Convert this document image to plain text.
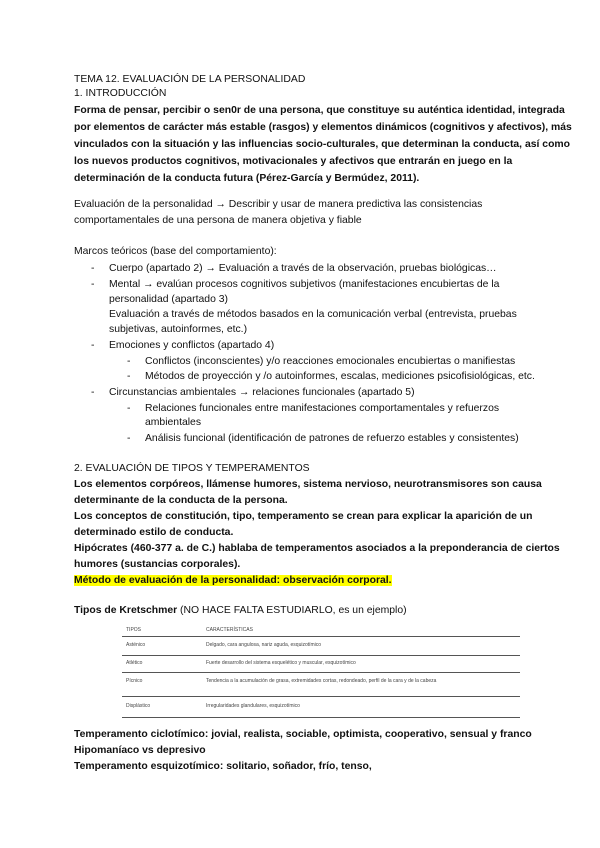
TEMA 12. EVALUACIÓN DE LA PERSONALIDAD
1. INTRODUCCIÓN
Forma de pensar, percibir o sen0r de una persona, que constituye su auténtica identidad, integrada
por elementos de carácter más estable (rasgos) y elementos dinámicos (cognitivos y afectivos), más
vinculados con la situación y las influencias socio-culturales, que determinan la conducta, así como
los nuevos productos cognitivos, motivacionales y afectivos que entrarán en juego en la
determinación de la conducta futura (Pérez-García y Bermúdez, 2011).
Evaluación de la personalidad → Describir y usar de manera predictiva las consistencias
comportamentales de una persona de manera objetiva y fiable
Marcos teóricos (base del comportamiento):
- Cuerpo (apartado 2) → Evaluación a través de la observación, pruebas biológicas…
- Mental → evalúan procesos cognitivos subjetivos (manifestaciones encubiertas de la
personalidad (apartado 3)
Evaluación a través de métodos basados en la comunicación verbal (entrevista, pruebas
subjetivas, autoinformes, etc.)
- Emociones y conflictos (apartado 4)
- Conflictos (inconscientes) y/o reacciones emocionales encubiertas o manifiestas
- Métodos de proyección y /o autoinformes, escalas, mediciones psicofisiológicas, etc.
- Circunstancias ambientales → relaciones funcionales (apartado 5)
- Relaciones funcionales entre manifestaciones comportamentales y refuerzos
ambientales
- Análisis funcional (identificación de patrones de refuerzo estables y consistentes)
2. EVALUACIÓN DE TIPOS Y TEMPERAMENTOS
Los elementos corpóreos, llámense humores, sistema nervioso, neurotransmisores son causa
determinante de la conducta de la persona.
Los conceptos de constitución, tipo, temperamento se crean para explicar la aparición de un
determinado estilo de conducta.
Hipócrates (460-377 a. de C.) hablaba de temperamentos asociados a la preponderancia de ciertos
humores (sustancias corporales).
Método de evaluación de la personalidad: observación corporal.
Tipos de Kretschmer (NO HACE FALTA ESTUDIARLO, es un ejemplo)
TIPOS	CARACTERÍSTICAS
Asténico	Delgado, cara angulosa, nariz aguda, esquizotímico
Atlético	Fuerte desarrollo del sistema esquelético y muscular, esquizotímico
Pícnico	Tendencia a la acumulación de grasa, extremidades cortas, redondeado, perfil de la cara y de la cabeza
Displástico	Irregularidades glandulares, esquizotímico
Temperamento ciclotímico: jovial, realista, sociable, optimista, cooperativo, sensual y franco
Hipomaníaco vs depresivo
Temperamento esquizotímico: solitario, soñador, frío, tenso,
